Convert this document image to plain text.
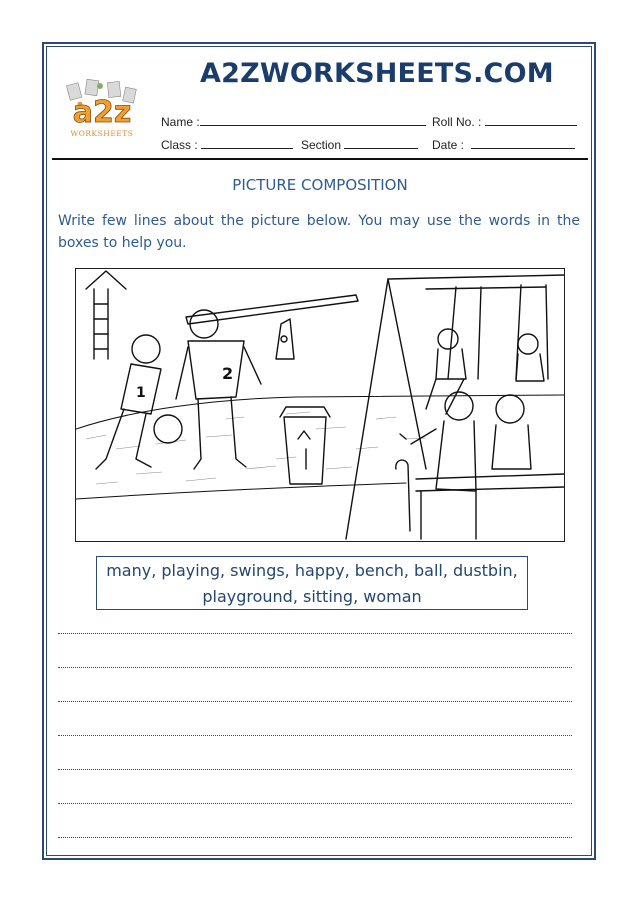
a2z
WORKSHEETS
A2ZWORKSHEETS.COM
Name :	Roll No. :
Class :	Section	Date :
PICTURE COMPOSITION
Write few lines about the picture below. You may use the words in the boxes to help you.
1
2
many, playing, swings, happy, bench, ball, dustbin,
playground, sitting, woman
